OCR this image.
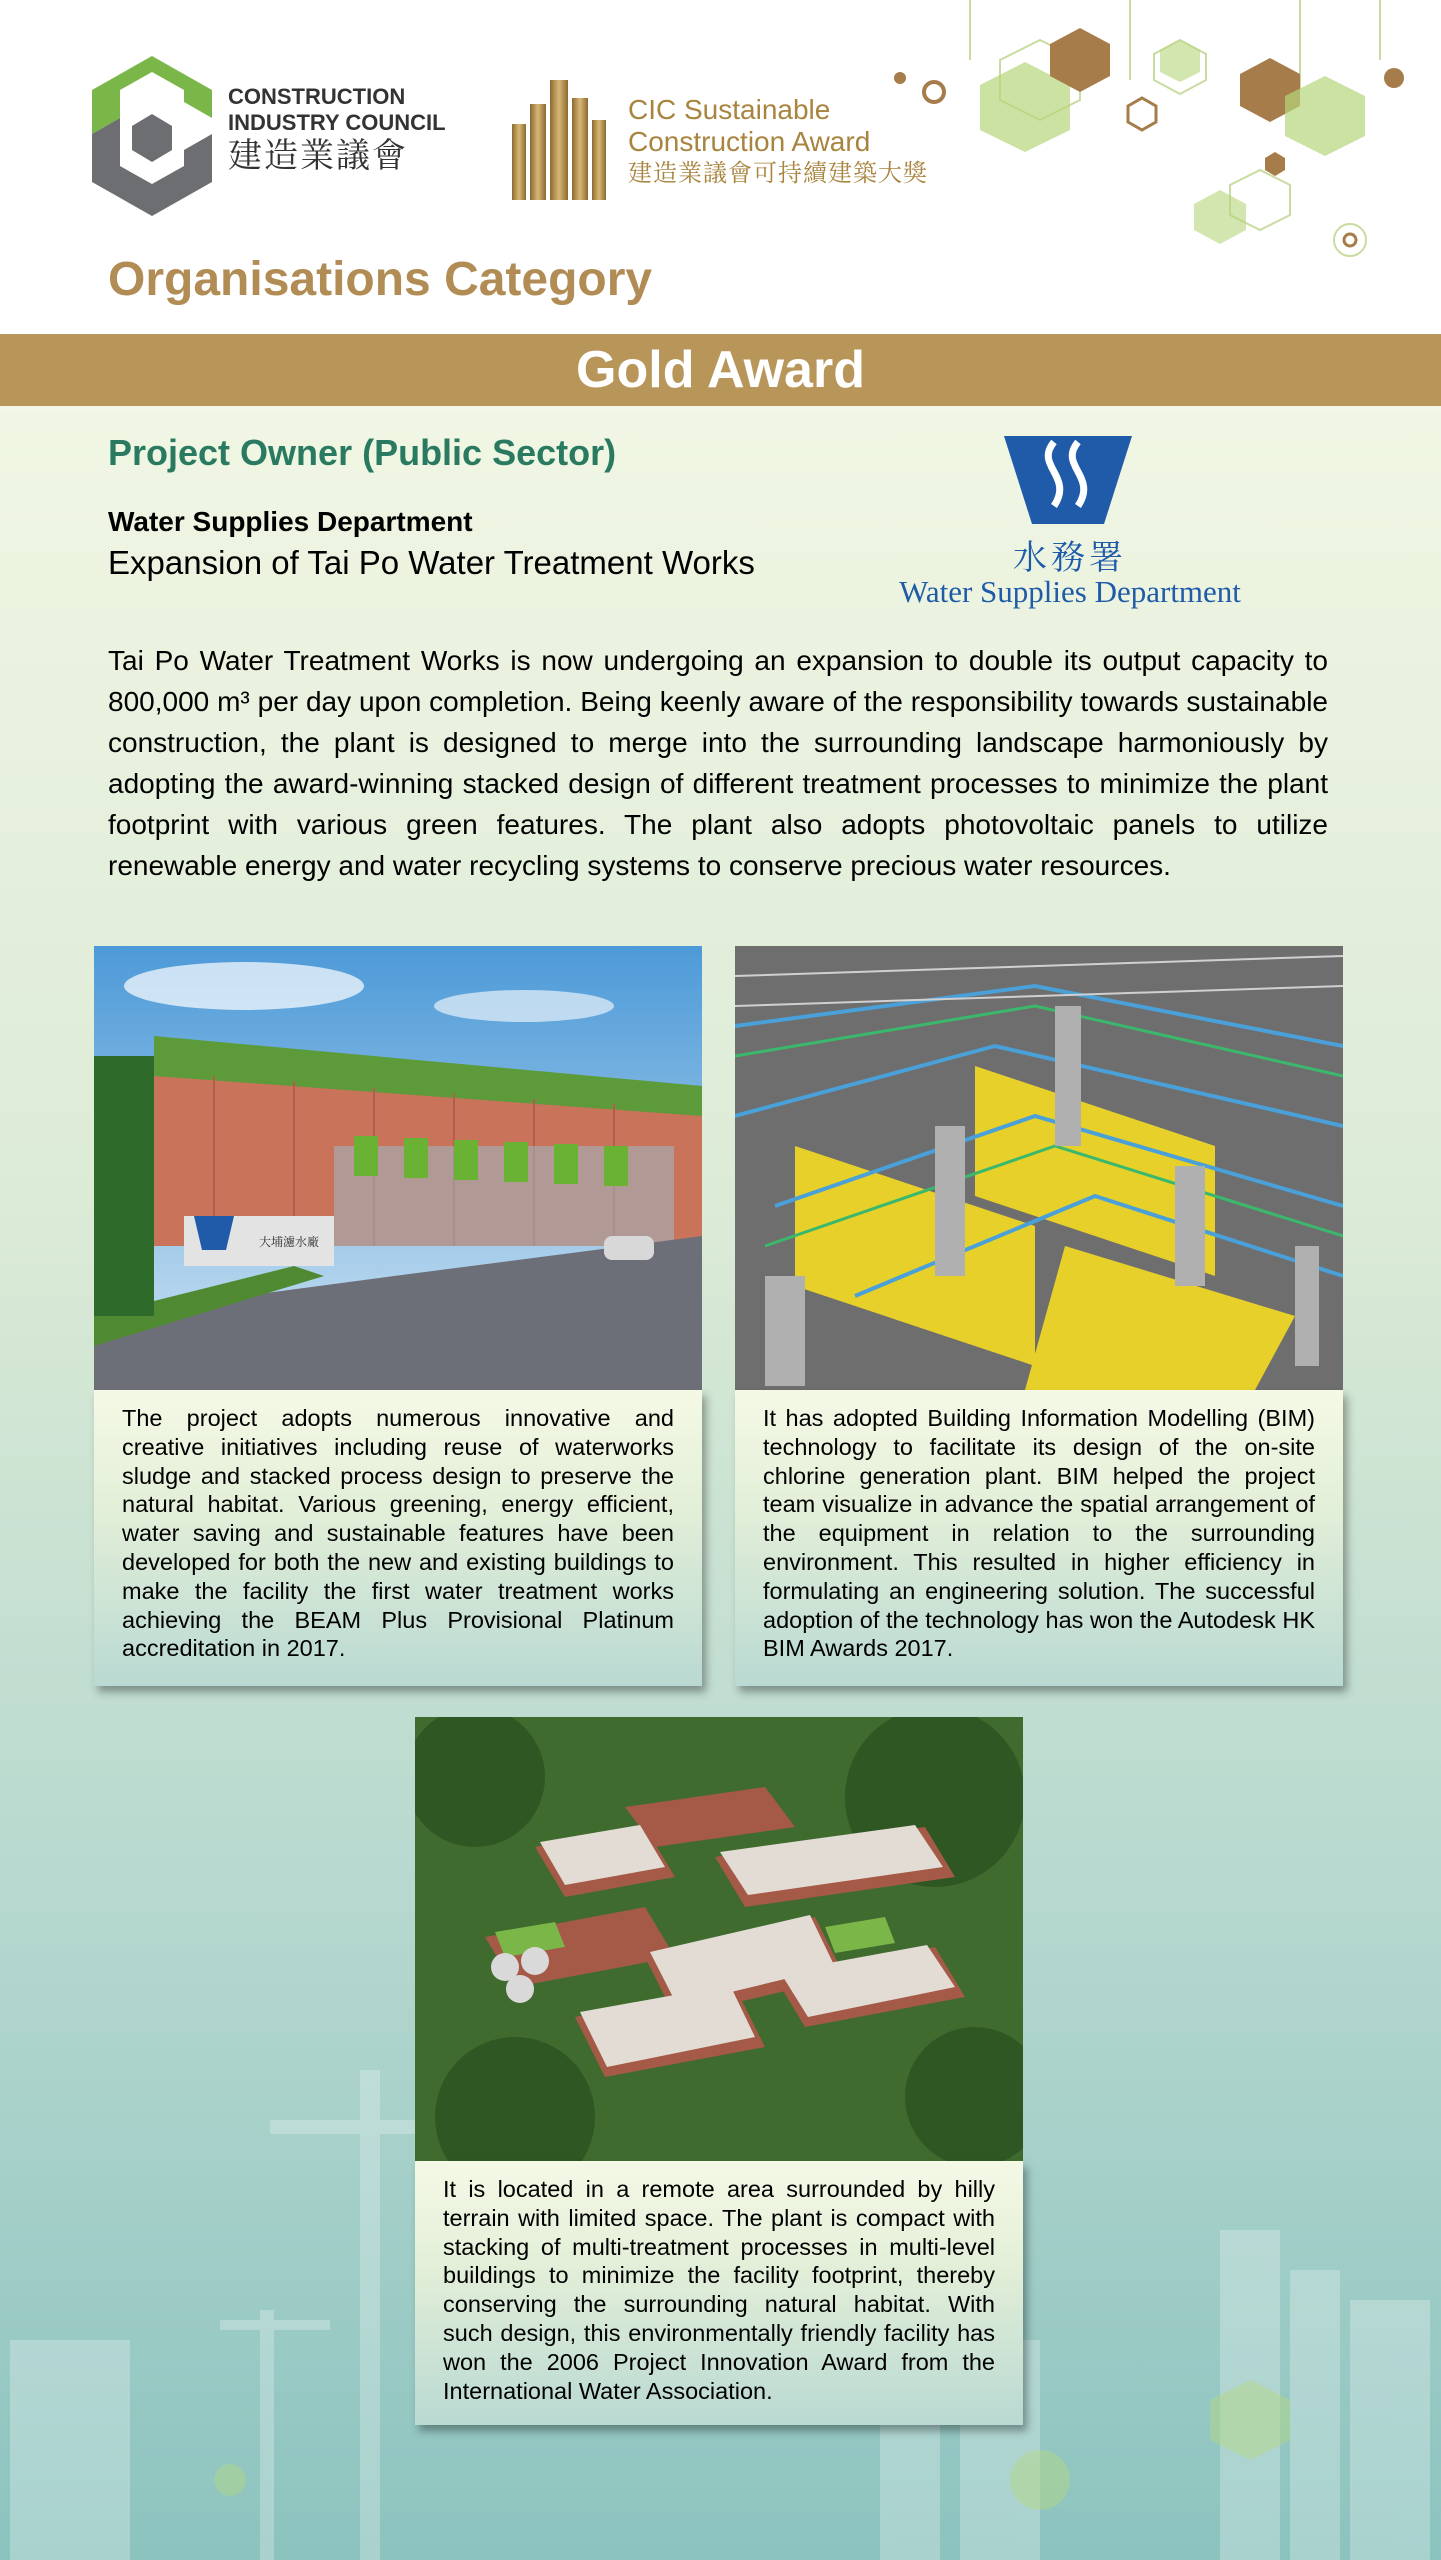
CONSTRUCTION
INDUSTRY COUNCIL
建造業議會
CIC Sustainable
Construction Award
建造業議會可持續建築大獎
Organisations Category
Gold Award
Project Owner (Public Sector)
Water Supplies Department
Expansion of Tai Po Water Treatment Works	水務署
Water Supplies Department
Tai Po Water Treatment Works is now undergoing an expansion to double its output capacity to 800,000 m³ per day upon completion. Being keenly aware of the responsibility towards sustainable construction, the plant is designed to merge into the surrounding landscape harmoniously by adopting the award-winning stacked design of different treatment processes to minimize the plant footprint with various green features. The plant also adopts photovoltaic panels to utilize renewable energy and water recycling systems to conserve precious water resources.
大埔濾水廠
The project adopts numerous innovative and creative initiatives including reuse of waterworks sludge and stacked process design to preserve the natural habitat. Various greening, energy efficient, water saving and sustainable features have been developed for both the new and existing buildings to make the facility the first water treatment works achieving the BEAM Plus Provisional Platinum accreditation in 2017.
It has adopted Building Information Modelling (BIM) technology to facilitate its design of the on-site chlorine generation plant. BIM helped the project team visualize in advance the spatial arrangement of the equipment in relation to the surrounding environment. This resulted in higher efficiency in formulating an engineering solution. The successful adoption of the technology has won the Autodesk HK BIM Awards 2017.
It is located in a remote area surrounded by hilly terrain with limited space. The plant is compact with stacking of multi-treatment processes in multi-level buildings to minimize the facility footprint, thereby conserving the surrounding natural habitat. With such design, this environmentally friendly facility has won the 2006 Project Innovation Award from the International Water Association.
